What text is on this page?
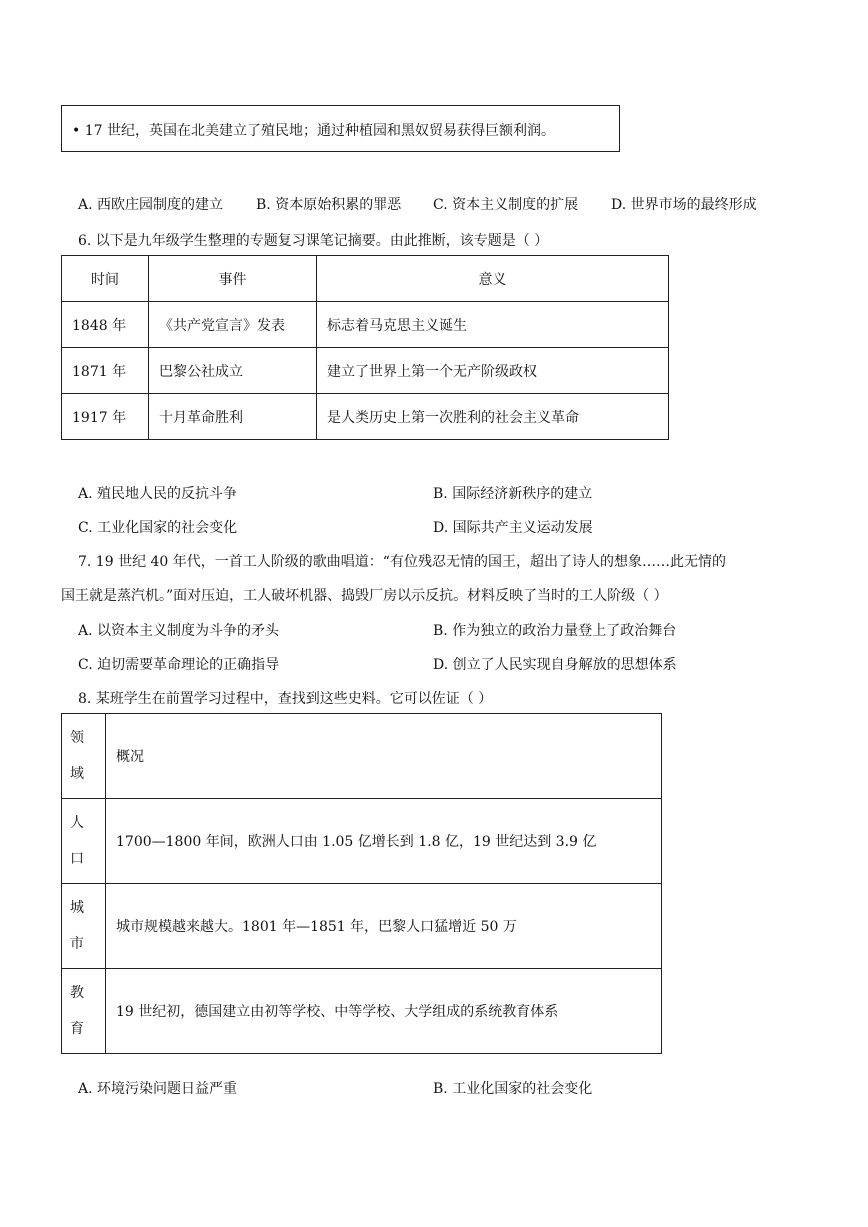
• 17 世纪，英国在北美建立了殖民地；通过种植园和黑奴贸易获得巨额利润。
A. 西欧庄园制度的建立 B. 资本原始积累的罪恶 C. 资本主义制度的扩展 D. 世界市场的最终形成
6. 以下是九年级学生整理的专题复习课笔记摘要。由此推断，该专题是（ ）
时间	事件	意义
1848 年	《共产党宣言》发表	标志着马克思主义诞生
1871 年	巴黎公社成立	建立了世界上第一个无产阶级政权
1917 年	十月革命胜利	是人类历史上第一次胜利的社会主义革命
A. 殖民地人民的反抗斗争	B. 国际经济新秩序的建立
C. 工业化国家的社会变化	D. 国际共产主义运动发展
7. 19 世纪 40 年代，一首工人阶级的歌曲唱道：“有位残忍无情的国王，超出了诗人的想象……此无情的
国王就是蒸汽机。”面对压迫，工人破坏机器、捣毁厂房以示反抗。材料反映了当时的工人阶级（ ）
A. 以资本主义制度为斗争的矛头	B. 作为独立的政治力量登上了政治舞台
C. 迫切需要革命理论的正确指导	D. 创立了人民实现自身解放的思想体系
8. 某班学生在前置学习过程中，查找到这些史料。它可以佐证（ ）
领域	概况

人口	1700—1800 年间，欧洲人口由 1.05 亿增长到 1.8 亿，19 世纪达到 3.9 亿

城市	城市规模越来越大。1801 年—1851 年，巴黎人口猛增近 50 万

教育	19 世纪初，德国建立由初等学校、中等学校、大学组成的系统教育体系
A. 环境污染问题日益严重	B. 工业化国家的社会变化
